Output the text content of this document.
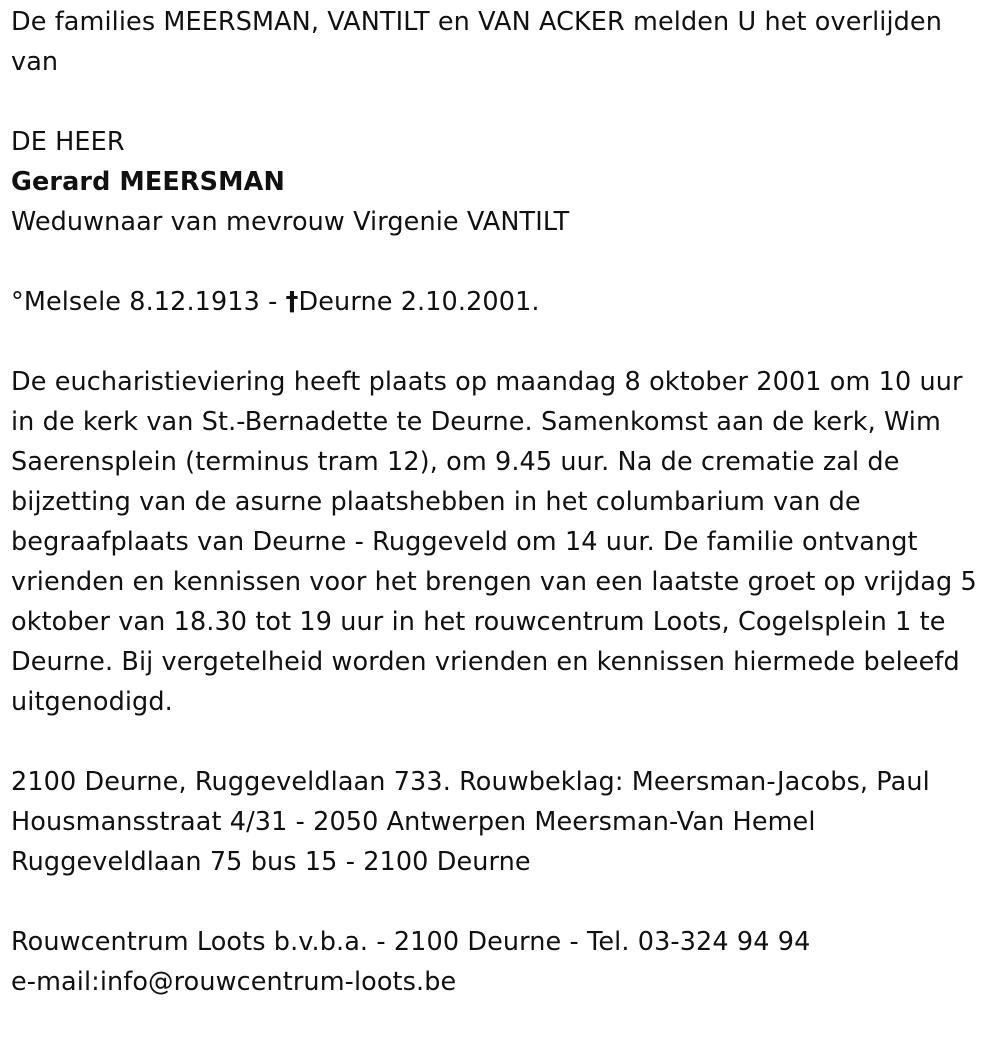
De families MEERSMAN, VANTILT en VAN ACKER melden U het overlijden van

DE HEER

Gerard MEERSMAN

Weduwnaar van mevrouw Virgenie VANTILT

°Melsele 8.12.1913 - †Deurne 2.10.2001.

De eucharistieviering heeft plaats op maandag 8 oktober 2001 om 10 uur in de kerk van St.-Bernadette te Deurne. Samenkomst aan de kerk, Wim Saerensplein (terminus tram 12), om 9.45 uur. Na de crematie zal de bijzetting van de asurne plaatshebben in het columbarium van de begraafplaats van Deurne - Ruggeveld om 14 uur. De familie ontvangt vrienden en kennissen voor het brengen van een laatste groet op vrijdag 5 oktober van 18.30 tot 19 uur in het rouwcentrum Loots, Cogelsplein 1 te Deurne. Bij vergetelheid worden vrienden en kennissen hiermede beleefd uitgenodigd.

2100 Deurne, Ruggeveldlaan 733. Rouwbeklag: Meersman-Jacobs, Paul Housmansstraat 4/31 - 2050 Antwerpen Meersman-Van Hemel Ruggeveldlaan 75 bus 15 - 2100 Deurne

Rouwcentrum Loots b.v.b.a. - 2100 Deurne - Tel. 03-324 94 94

e-mail:info@rouwcentrum-loots.be
